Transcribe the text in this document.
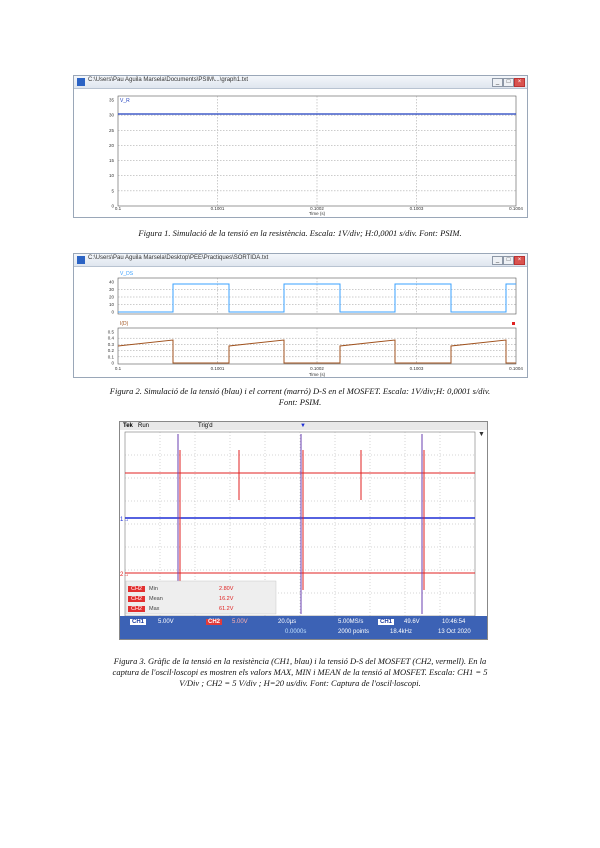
C:\Users\Pau Aguila Marsela\Documents\PSIM\...\graph1.txt	_	□	×
35
30
25
20
15
10
5
0 0.1	0.1001	0.1002	0.1003	0.1004
V_R
Time (s)
Figura 1. Simulació de la tensió en la resistència. Escala: 1V/div; H:0,0001 s/div. Font: PSIM.
C:\Users\Pau Aguila Marsela\Desktop\PEE\Practiques\SORTIDA.txt	_	□	×
40
30
20
10
0
V_DS
0.5
0.4
0.3
0.2
0.1
0
I(D)
0.1	0.1001	0.1002	0.1003	0.1004
Time (s)
Figura 2. Simulació de la tensió (blau) i el corrent (marró) D-S en el MOSFET. Escala: 1V/div;H: 0,0001 s/div.
Font: PSIM.
Tek Run	Trig'd	▼
1→
2→
▼
CH2 Min	2.80V
CH2 Mean	16.2V
CH2 Max	61.2V
CH1	5.00V	CH2	5.00V	20.0µs	5.00MS/s	CH1	49.6V	10:46:54
0.0000s	2000 points	18.4kHz	13 Oct 2020
Figura 3. Gràfic de la tensió en la resistència (CH1, blau) i la tensió D-S del MOSFET (CH2, vermell). En la
captura de l'oscil·loscopi es mostren els valors MAX, MIN i MEAN de la tensió al MOSFET. Escala: CH1 = 5
V/Div ; CH2 = 5 V/div ; H=20 us/div. Font: Captura de l'oscil·loscopi.
